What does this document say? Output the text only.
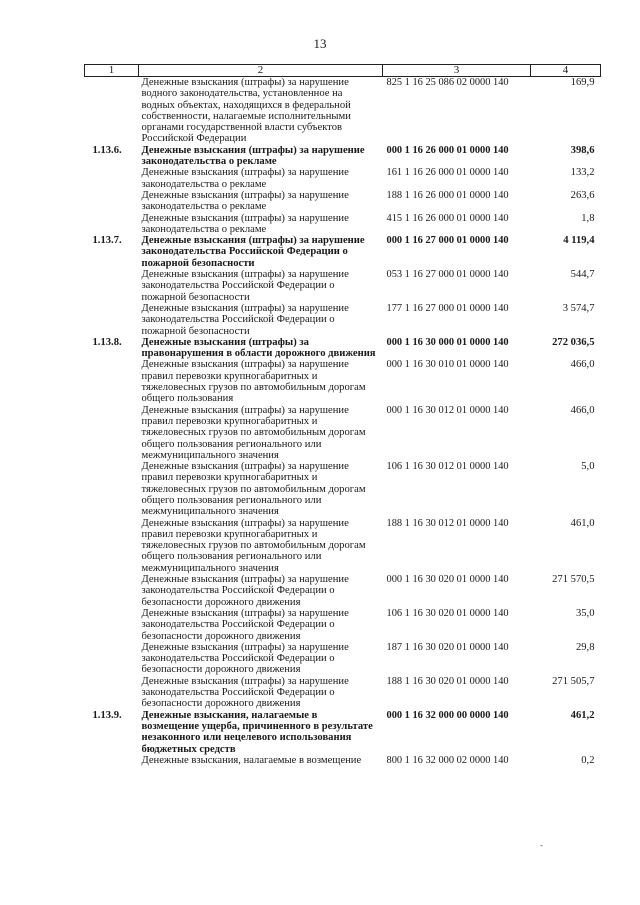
13
1	2	3	4
	Денежные взыскания (штрафы) за нарушение водного законодательства, установленное на водных объектах, находящихся в федеральной собственности, налагаемые исполнительными органами государственной власти субъектов Российской Федерации	825 1 16 25 086 02 0000 140	169,9
1.13.6.	Денежные взыскания (штрафы) за нарушение законодательства о рекламе	000 1 16 26 000 01 0000 140	398,6
	Денежные взыскания (штрафы) за нарушение законодательства о рекламе	161 1 16 26 000 01 0000 140	133,2
	Денежные взыскания (штрафы) за нарушение законодательства о рекламе	188 1 16 26 000 01 0000 140	263,6
	Денежные взыскания (штрафы) за нарушение законодательства о рекламе	415 1 16 26 000 01 0000 140	1,8
1.13.7.	Денежные взыскания (штрафы) за нарушение законодательства Российской Федерации о пожарной безопасности	000 1 16 27 000 01 0000 140	4 119,4
	Денежные взыскания (штрафы) за нарушение законодательства Российской Федерации о пожарной безопасности	053 1 16 27 000 01 0000 140	544,7
	Денежные взыскания (штрафы) за нарушение законодательства Российской Федерации о пожарной безопасности	177 1 16 27 000 01 0000 140	3 574,7
1.13.8.	Денежные взыскания (штрафы) за правонарушения в области дорожного движения	000 1 16 30 000 01 0000 140	272 036,5
	Денежные взыскания (штрафы) за нарушение правил перевозки крупногабаритных и тяжеловесных грузов по автомобильным дорогам общего пользования	000 1 16 30 010 01 0000 140	466,0
	Денежные взыскания (штрафы) за нарушение правил перевозки крупногабаритных и тяжеловесных грузов по автомобильным дорогам общего пользования регионального или межмуниципального значения	000 1 16 30 012 01 0000 140	466,0
	Денежные взыскания (штрафы) за нарушение правил перевозки крупногабаритных и тяжеловесных грузов по автомобильным дорогам общего пользования регионального или межмуниципального значения	106 1 16 30 012 01 0000 140	5,0
	Денежные взыскания (штрафы) за нарушение правил перевозки крупногабаритных и тяжеловесных грузов по автомобильным дорогам общего пользования регионального или межмуниципального значения	188 1 16 30 012 01 0000 140	461,0
	Денежные взыскания (штрафы) за нарушение законодательства Российской Федерации о безопасности дорожного движения	000 1 16 30 020 01 0000 140	271 570,5
	Денежные взыскания (штрафы) за нарушение законодательства Российской Федерации о безопасности дорожного движения	106 1 16 30 020 01 0000 140	35,0
	Денежные взыскания (штрафы) за нарушение законодательства Российской Федерации о безопасности дорожного движения	187 1 16 30 020 01 0000 140	29,8
	Денежные взыскания (штрафы) за нарушение законодательства Российской Федерации о безопасности дорожного движения	188 1 16 30 020 01 0000 140	271 505,7
1.13.9.	Денежные взыскания, налагаемые в возмещение ущерба, причиненного в результате незаконного или нецелевого использования бюджетных средств	000 1 16 32 000 00 0000 140	461,2
	Денежные взыскания, налагаемые в возмещение	800 1 16 32 000 02 0000 140	0,2
-
